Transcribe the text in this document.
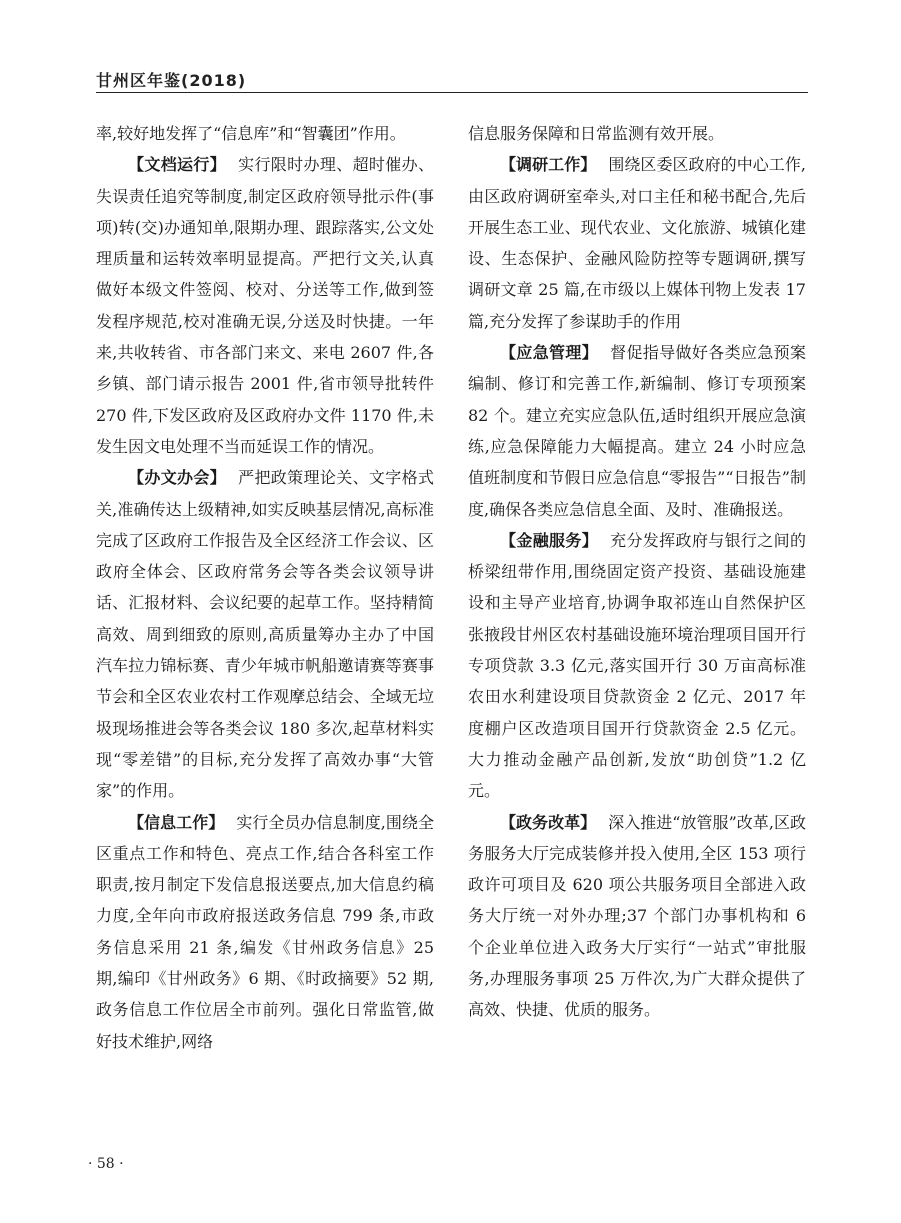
甘州区年鉴(2018)

率,较好地发挥了“信息库”和“智囊团”作用。

【文档运行】 实行限时办理、超时催办、失误责任追究等制度,制定区政府领导批示件(事项)转(交)办通知单,限期办理、跟踪落实,公文处理质量和运转效率明显提高。严把行文关,认真做好本级文件签阅、校对、分送等工作,做到签发程序规范,校对准确无误,分送及时快捷。一年来,共收转省、市各部门来文、来电 2607 件,各乡镇、部门请示报告 2001 件,省市领导批转件 270 件,下发区政府及区政府办文件 1170 件,未发生因文电处理不当而延误工作的情况。

【办文办会】 严把政策理论关、文字格式关,准确传达上级精神,如实反映基层情况,高标准完成了区政府工作报告及全区经济工作会议、区政府全体会、区政府常务会等各类会议领导讲话、汇报材料、会议纪要的起草工作。坚持精简高效、周到细致的原则,高质量筹办主办了中国汽车拉力锦标赛、青少年城市帆船邀请赛等赛事节会和全区农业农村工作观摩总结会、全域无垃圾现场推进会等各类会议 180 多次,起草材料实现“零差错”的目标,充分发挥了高效办事“大管家”的作用。

【信息工作】 实行全员办信息制度,围绕全区重点工作和特色、亮点工作,结合各科室工作职责,按月制定下发信息报送要点,加大信息约稿力度,全年向市政府报送政务信息 799 条,市政务信息采用 21 条,编发《甘州政务信息》25 期,编印《甘州政务》6 期、《时政摘要》52 期,政务信息工作位居全市前列。强化日常监管,做好技术维护,网络

信息服务保障和日常监测有效开展。

【调研工作】 围绕区委区政府的中心工作,由区政府调研室牵头,对口主任和秘书配合,先后开展生态工业、现代农业、文化旅游、城镇化建设、生态保护、金融风险防控等专题调研,撰写调研文章 25 篇,在市级以上媒体刊物上发表 17 篇,充分发挥了参谋助手的作用

【应急管理】 督促指导做好各类应急预案编制、修订和完善工作,新编制、修订专项预案 82 个。建立充实应急队伍,适时组织开展应急演练,应急保障能力大幅提高。建立 24 小时应急值班制度和节假日应急信息“零报告”“日报告”制度,确保各类应急信息全面、及时、准确报送。

【金融服务】 充分发挥政府与银行之间的桥梁纽带作用,围绕固定资产投资、基础设施建设和主导产业培育,协调争取祁连山自然保护区张掖段甘州区农村基础设施环境治理项目国开行专项贷款 3.3 亿元,落实国开行 30 万亩高标准农田水利建设项目贷款资金 2 亿元、2017 年度棚户区改造项目国开行贷款资金 2.5 亿元。大力推动金融产品创新,发放“助创贷”1.2 亿元。

【政务改革】 深入推进“放管服”改革,区政务服务大厅完成装修并投入使用,全区 153 项行政许可项目及 620 项公共服务项目全部进入政务大厅统一对外办理;37 个部门办事机构和 6 个企业单位进入政务大厅实行“一站式”审批服务,办理服务事项 25 万件次,为广大群众提供了高效、快捷、优质的服务。

· 58 ·
